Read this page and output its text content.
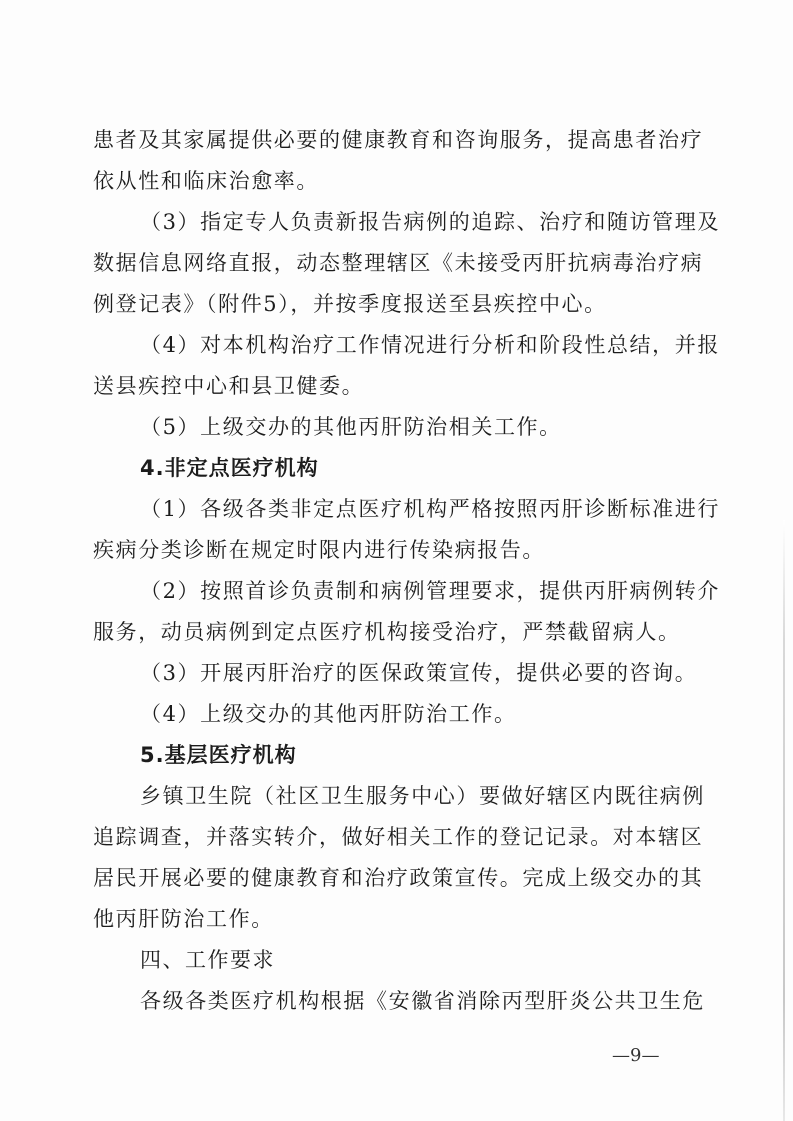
患者及其家属提供必要的健康教育和咨询服务，提高患者治疗
依从性和临床治愈率。
（3）指定专人负责新报告病例的追踪、治疗和随访管理及
数据信息网络直报，动态整理辖区《未接受丙肝抗病毒治疗病
例登记表》（附件5），并按季度报送至县疾控中心。
（4）对本机构治疗工作情况进行分析和阶段性总结，并报
送县疾控中心和县卫健委。
（5）上级交办的其他丙肝防治相关工作。
4.非定点医疗机构
（1）各级各类非定点医疗机构严格按照丙肝诊断标准进行
疾病分类诊断在规定时限内进行传染病报告。
（2）按照首诊负责制和病例管理要求，提供丙肝病例转介
服务，动员病例到定点医疗机构接受治疗，严禁截留病人。
（3）开展丙肝治疗的医保政策宣传，提供必要的咨询。
（4）上级交办的其他丙肝防治工作。
5.基层医疗机构
乡镇卫生院（社区卫生服务中心）要做好辖区内既往病例
追踪调查，并落实转介，做好相关工作的登记记录。对本辖区
居民开展必要的健康教育和治疗政策宣传。完成上级交办的其
他丙肝防治工作。
四、工作要求
各级各类医疗机构根据《安徽省消除丙型肝炎公共卫生危
—9—
